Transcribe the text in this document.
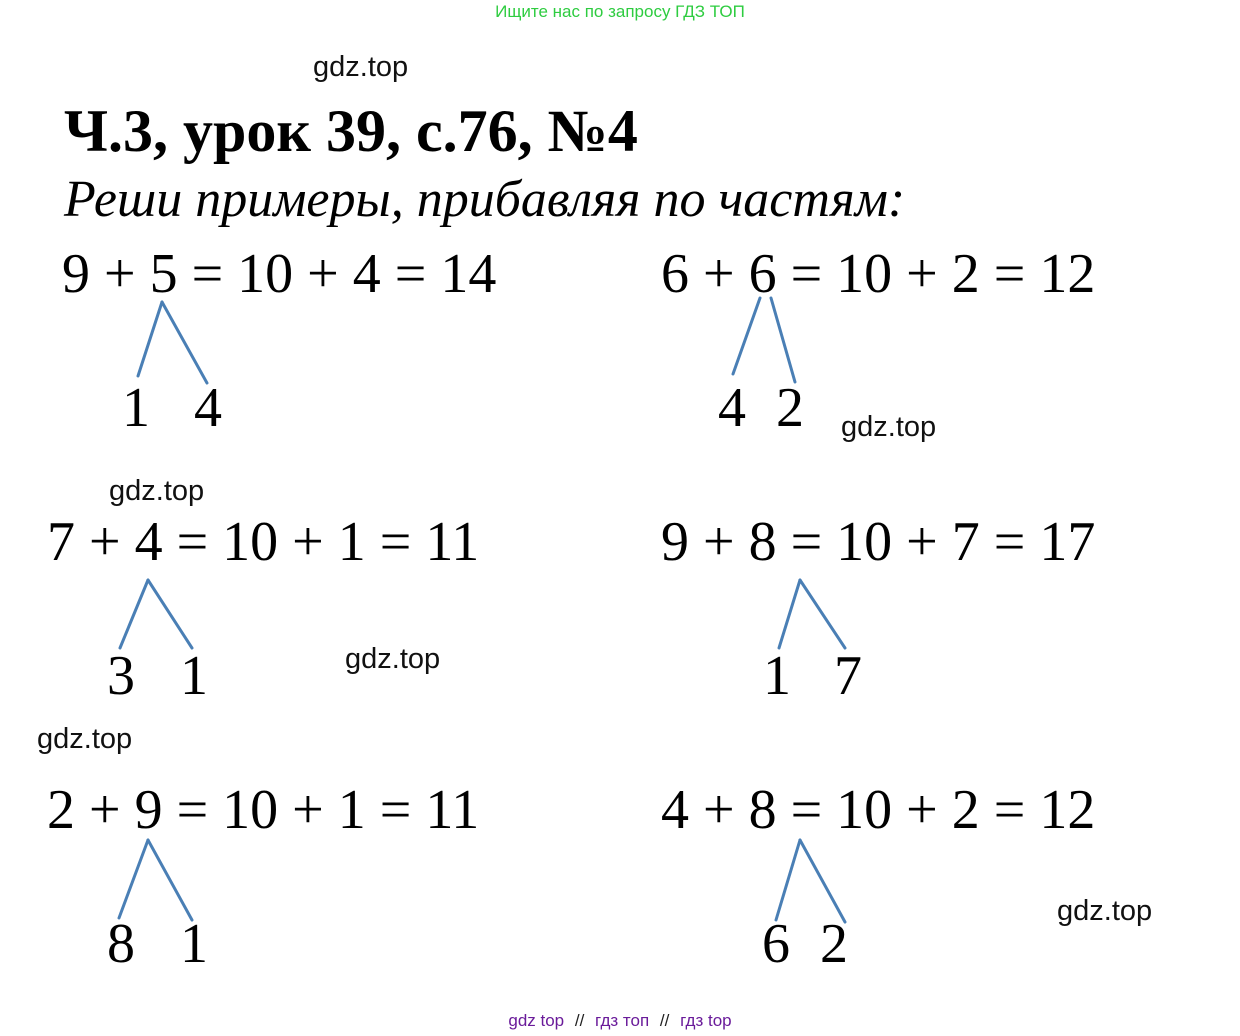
Ищите нас по запросу ГДЗ ТОП
gdz.top
gdz.top
gdz.top
gdz.top
gdz.top
gdz.top
Ч.3, урок 39, с.76, №4
Реши примеры, прибавляя по частям:
9 + 5 = 10 + 4 = 14
1 4
6 + 6 = 10 + 2 = 12
4 2
7 + 4 = 10 + 1 = 11
3 1
9 + 8 = 10 + 7 = 17
1 7
2 + 9 = 10 + 1 = 11
8 1
4 + 8 = 10 + 2 = 12
6 2
gdz top // гдз топ // гдз top
